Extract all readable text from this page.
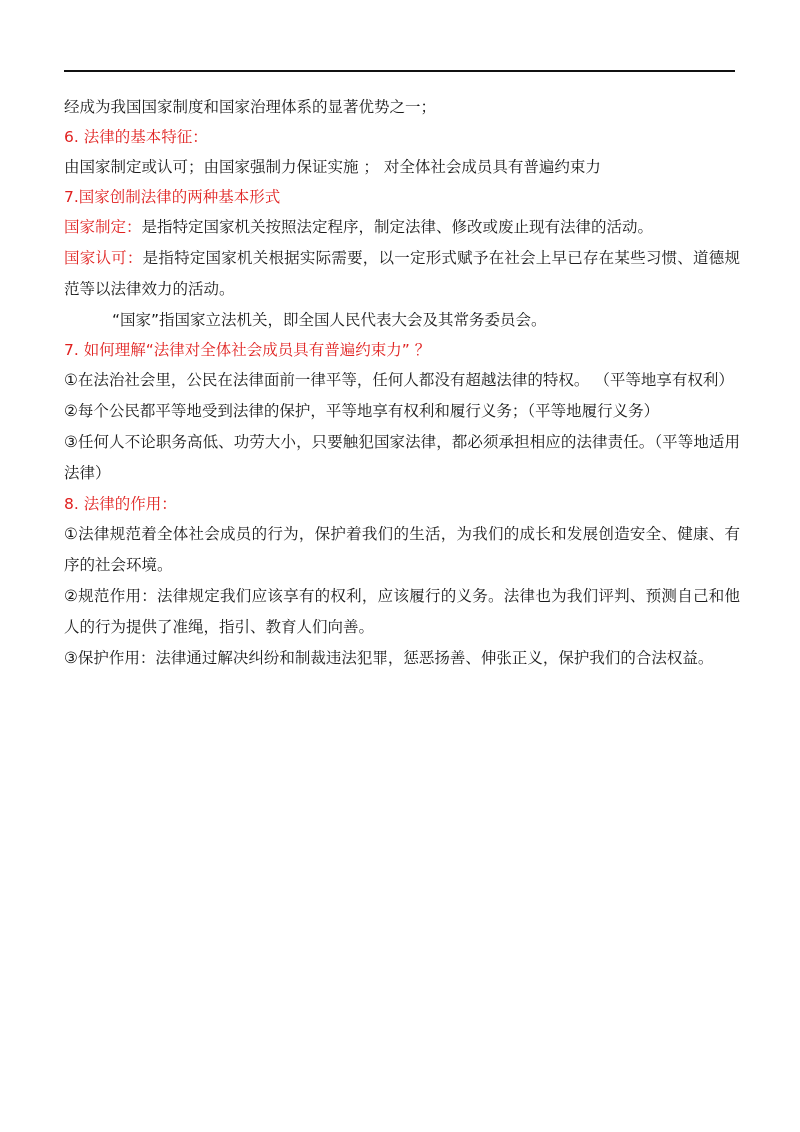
经成为我国国家制度和国家治理体系的显著优势之一；
6. 法律的基本特征：
由国家制定或认可；由国家强制力保证实施 ； 对全体社会成员具有普遍约束力
7.国家创制法律的两种基本形式
国家制定：是指特定国家机关按照法定程序，制定法律、修改或废止现有法律的活动。
国家认可：是指特定国家机关根据实际需要，以一定形式赋予在社会上早已存在某些习惯、道德规范等以法律效力的活动。
“国家”指国家立法机关，即全国人民代表大会及其常务委员会。
7. 如何理解“法律对全体社会成员具有普遍约束力” ？
①在法治社会里，公民在法律面前一律平等，任何人都没有超越法律的特权。 （平等地享有权利）
②每个公民都平等地受到法律的保护，平等地享有权利和履行义务；（平等地履行义务）
③任何人不论职务高低、功劳大小，只要触犯国家法律，都必须承担相应的法律责任。（平等地适用法律）
8. 法律的作用：
①法律规范着全体社会成员的行为，保护着我们的生活，为我们的成长和发展创造安全、健康、有序的社会环境。
②规范作用：法律规定我们应该享有的权利，应该履行的义务。法律也为我们评判、预测自己和他人的行为提供了准绳，指引、教育人们向善。
③保护作用：法律通过解决纠纷和制裁违法犯罪，惩恶扬善、伸张正义，保护我们的合法权益。
